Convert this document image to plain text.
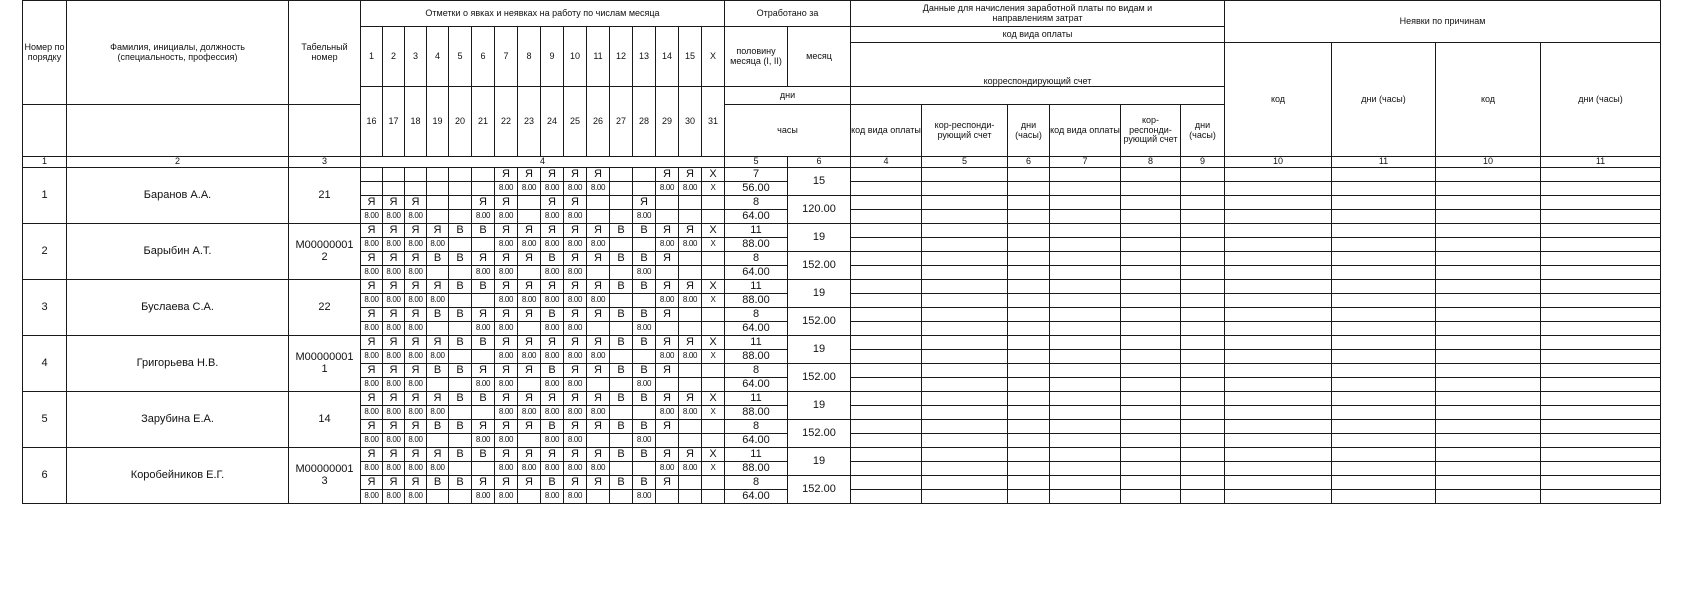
Номер по порядку	Фамилия, инициалы, должность (специальность, профессия)	Табельный номер	Отметки о явках и неявках на работу по числам месяца																Отработано за		Данные для начисления заработной платы по видам и направлениям затрат						Неявки по причинам			
			1	2	3	4	5	6	7	8	9	10	11	12	13	14	15	X	половину месяца (I, II)	месяц	код вида оплаты									
																					корреспондирующий счет						код	дни (часы)	код	дни (часы)
			16	17	18	19	20	21	22	23	24	25	26	27	28	29	30	31	дни											
																			часы		код вида оплаты	кор-респонди-рующий счет	дни (часы)	код вида оплаты	кор-респонди-рующий счет	дни (часы)				
1	2	3	4																5	6	4	5	6	7	8	9	10	11	10	11
1	Баранов А.А.	21							Я	Я	Я	Я	Я			Я	Я	X	7	15										
									8.00	8.00	8.00	8.00	8.00			8.00	8.00	X	56.00											
			Я	Я	Я			Я	Я		Я	Я			Я				8	120.00										
			8.00	8.00	8.00			8.00	8.00		8.00	8.00			8.00				64.00											
2	Барыбин А.Т.	М00000001 2	Я	Я	Я	Я	В	В	Я	Я	Я	Я	Я	В	В	Я	Я	X	11	19										
			8.00	8.00	8.00	8.00			8.00	8.00	8.00	8.00	8.00			8.00	8.00	X	88.00											
			Я	Я	Я	В	В	Я	Я	Я	В	Я	Я	В	В	Я			8	152.00										
			8.00	8.00	8.00			8.00	8.00		8.00	8.00			8.00				64.00											
3	Буслаева С.А.	22	Я	Я	Я	Я	В	В	Я	Я	Я	Я	Я	В	В	Я	Я	X	11	19										
			8.00	8.00	8.00	8.00			8.00	8.00	8.00	8.00	8.00			8.00	8.00	X	88.00											
			Я	Я	Я	В	В	Я	Я	Я	В	Я	Я	В	В	Я			8	152.00										
			8.00	8.00	8.00			8.00	8.00		8.00	8.00			8.00				64.00											
4	Григорьева Н.В.	М00000001 1	Я	Я	Я	Я	В	В	Я	Я	Я	Я	Я	В	В	Я	Я	X	11	19										
			8.00	8.00	8.00	8.00			8.00	8.00	8.00	8.00	8.00			8.00	8.00	X	88.00											
			Я	Я	Я	В	В	Я	Я	Я	В	Я	Я	В	В	Я			8	152.00										
			8.00	8.00	8.00			8.00	8.00		8.00	8.00			8.00				64.00											
5	Зарубина Е.А.	14	Я	Я	Я	Я	В	В	Я	Я	Я	Я	Я	В	В	Я	Я	X	11	19										
			8.00	8.00	8.00	8.00			8.00	8.00	8.00	8.00	8.00			8.00	8.00	X	88.00											
			Я	Я	Я	В	В	Я	Я	Я	В	Я	Я	В	В	Я			8	152.00										
			8.00	8.00	8.00			8.00	8.00		8.00	8.00			8.00				64.00											
6	Коробейников Е.Г.	М00000001 3	Я	Я	Я	Я	В	В	Я	Я	Я	Я	Я	В	В	Я	Я	X	11	19										
			8.00	8.00	8.00	8.00			8.00	8.00	8.00	8.00	8.00			8.00	8.00	X	88.00											
			Я	Я	Я	В	В	Я	Я	Я	В	Я	Я	В	В	Я			8	152.00										
			8.00	8.00	8.00			8.00	8.00		8.00	8.00			8.00				64.00											
